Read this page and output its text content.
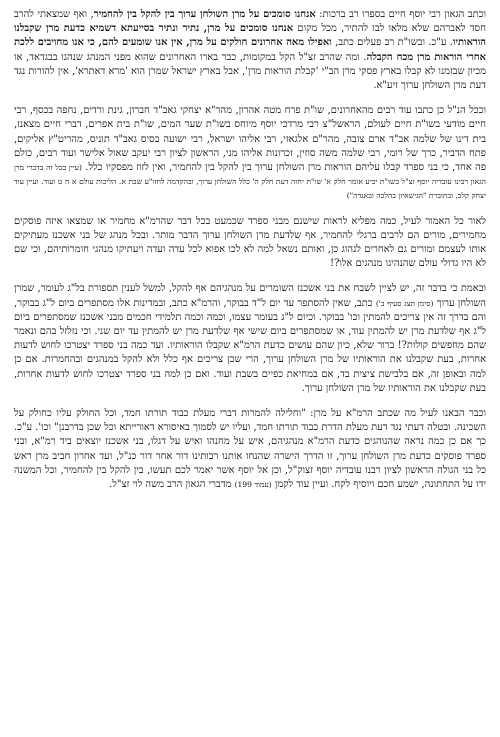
וכתב הגאון רבי יוסף חיים בספרו רב ברכות: אנחנו סומכים על מרן השולחן ערוך בין להקל בין להחמיר, ואף שמצאתי להרב חסד לאברהם שלא מלאו לבו להתיר, מכל מקום אנחנו סומכים על מרן, נתיר ונתיר בסייעתא דשמיא כדעת מרן שקבלנו הוראותיו. ע"כ. ובשו"ת רב פעלים כתב, ואפילו מאה אחרונים חולקים על מרן, אין אנו שומעים להם, כי אנו מחויבים ללכת אחרי הוראות מרן מכח הקבלה. ומה שהרב זצ"ל הקל במקומות, כבר בארו האחרונים שהוא מפני המנהג שנהגו בבגדאד, או מכיון שבזמנו לא קבלו בארץ פסקי מרן הב"י 'קבלת הוראות מרן', אבל בארץ ישראל שמרן הוא 'מרא דאתרא', אין להורות נגד דעת מרן השולחן ערוך זיע"א.

וככל הנ"ל כן כתבו עוד רבים מהאחרונים, שו"ת פרח מטה אהרון, מהר"א יצחקי גאב"ד חברון, גינת ורדים, נחפה בכסף, רבי חיים מודעי בשו"ת חיים לעולם, הראשל"צ רבי מרדכי יוסף מיוחס בשו"ת שער המים, שו"ת בית אפרים, דברי חיים מצאנז, בית דינו של שלמה אב"ד ארם צובה, מהר"ם אלגאזי, רבי אליהו ישראל, רבי ישועה בסיס גאב"ד תוניס, מהריט"ץ אליקים, פתח הדביר, כרך של רומי, רבי שלמה משה סוזין, זכרונות אליהו מני, הראשון לציון רבי יעקב שאול אלישר ועוד רבים, כולם פה אחד, כי בני ספרד קבלו עליהם הוראות מרן השולחן ערוך בין להקל בין להחמיר, ואין לזוז מפסקיו כלל. (עיין בכל זה בדברי מרן הגאון רבינו עובדיה יוסף זצ"ל בשו"ת יביע אומר חלק א' שו"ת יחוה דעת חלק ה' כלל השולחן ערוך, ובהקדמה לחזו"ע שבת א. הליכות עולם א ח ט ועוד. ועיין עוד יצחק קלב, ובחוברת "הגישאיון בהלכה ובאגדה")

לאור כל האמור לעיל, כמה מפליא לראות שישנם מבני ספרד שכמעט בכל דבר שהרמ"א מחמיר או שמצאו איזה פוסקים מחמירים, מורים הם לרבים ברגלי להחמיר, אף שלדעת מרן השולחן ערוך הדבר מותר. ובכל מנהג של בני אשכנז מעתיקים אותו לעצמם ומורים גם לאחרים לנהוג כן, ואותם נשאל למה לא לכו אפוא לכל עדה ועדה ויעתיקו מנהגי חומרותיהם, וכי שם לא היו גדולי עולם שהנהיגו מנהגים אלו?!

ובאמת כי בדבר זה, יש לציין לשבח את בני אשכנז השומרים על מנהגיהם אף להקל, למשל לענין תספורת בל"ג לעומר, שמרן השולחן ערוך (סימן תצג סעיף ב') כתב, שאין להסתפר עד יום ל"ד בבוקר, והרמ"א כתב, ובמדינות אלו מסתפרים ביום ל"ג בבוקר, והם בדרך זה אין צריכים להמתין וכו' בבוקר. וכיום ל"ג בעומר עצמו, וכמה וכמה תלמידי חכמים מבני אשכנז שמסתפרים ביום ל"ג אף שלדעת מרן יש להמתין עוד, או שמסתפרים ביום שישי אף שלדעת מרן יש להמתין עד יום שני. וכי נזלזל בהם ונאמר שהם מחפשים קולות?! ברור שלא, כיון שהם עושים כדעת הרמ"א שקבלו הוראותיו. ועד כמה בני ספרד יצטרכו לחוש לדעות אחרות, בעת שקבלנו את הוראותיו של מרן השולחן ערוך, הרי שכן צריכים אף כלל ולא להקל במנהגים ובהחמרות. אם כן למה ובאופן זה, אם בלבישת ציצית בד, אם במחיאת כפיים בשבת ועוד. ואם כן למה בני ספרד יצטרכו לחוש לדעות אחרות, בעת שקבלנו את הוראותיו של מרן השולחן ערוך.

וכבר הבאנו לעיל מה שכתב הרמ"א על מרן: "וחלילה להמרות דברי מעלת כבוד תורתו חמד, וכל החולק עליו כחולק על השכינה. ובטלה דעתי נגד דעת מעלת הדרת כבוד תורתו חמד, ועליו יש לסמוך באיסורא דאורייתא וכל שכן בדרבנן" וכו'. ע"כ. כך אם כן כמה נראה שהנוהגים כדעת הרמ"א מנהגיהם, איש על מחנהו ואיש על דגלו, בני אשכנז יוצאים ביד רמ"א, ובני ספרד פוסקים כדעת מרן השולחן ערוך, זו הדרך הישרה שהנחו אותנו רבותינו דור אחר דור כנ"ל, ועד אחרון חביב מרן ראש כל בני הגולה הראשון לציון רבנו עובדיה יוסף זצוק"ל, וכן אל יוסף אשר יאמר לכם תעשו, בין להקל בין להחמיר, וכל המשנה ידו על התחתונה, ישמע חכם ויוסיף לקח. ועיין עוד לקמן (עמוד 199) מדברי הגאון הרב משה לוי זצ"ל.
